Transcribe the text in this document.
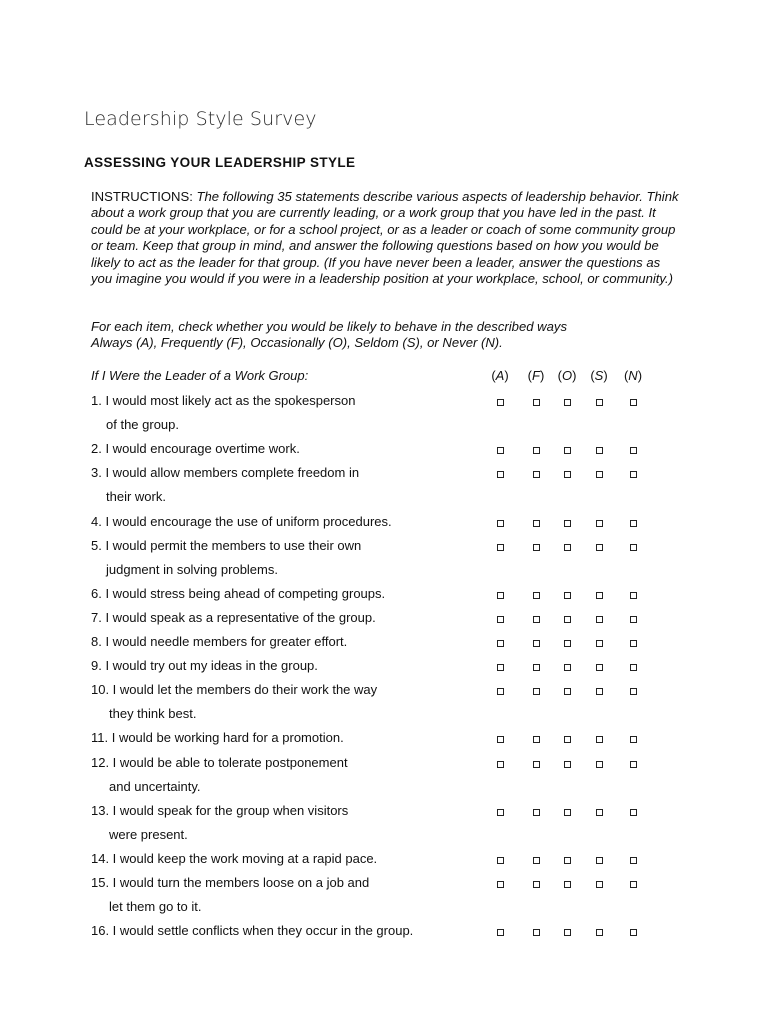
Leadership Style Survey
ASSESSING YOUR LEADERSHIP STYLE
INSTRUCTIONS: The following 35 statements describe various aspects of leadership behavior. Think about a work group that you are currently leading, or a work group that you have led in the past. It could be at your workplace, or for a school project, or as a leader or coach of some community group or team. Keep that group in mind, and answer the following questions based on how you would be likely to act as the leader for that group. (If you have never been a leader, answer the questions as you imagine you would if you were in a leadership position at your workplace, school, or community.)
For each item, check whether you would be likely to behave in the described ways
Always (A), Frequently (F), Occasionally (O), Seldom (S), or Never (N).
If I Were the Leader of a Work Group:	(A) (F) (O) (S) (N)
1. I would most likely act as the spokesperson
of the group.
2. I would encourage overtime work.
3. I would allow members complete freedom in
their work.
4. I would encourage the use of uniform procedures.
5. I would permit the members to use their own
judgment in solving problems.
6. I would stress being ahead of competing groups.
7. I would speak as a representative of the group.
8. I would needle members for greater effort.
9. I would try out my ideas in the group.
10. I would let the members do their work the way
they think best.
11. I would be working hard for a promotion.
12. I would be able to tolerate postponement
and uncertainty.
13. I would speak for the group when visitors
were present.
14. I would keep the work moving at a rapid pace.
15. I would turn the members loose on a job and
let them go to it.
16. I would settle conflicts when they occur in the group.
